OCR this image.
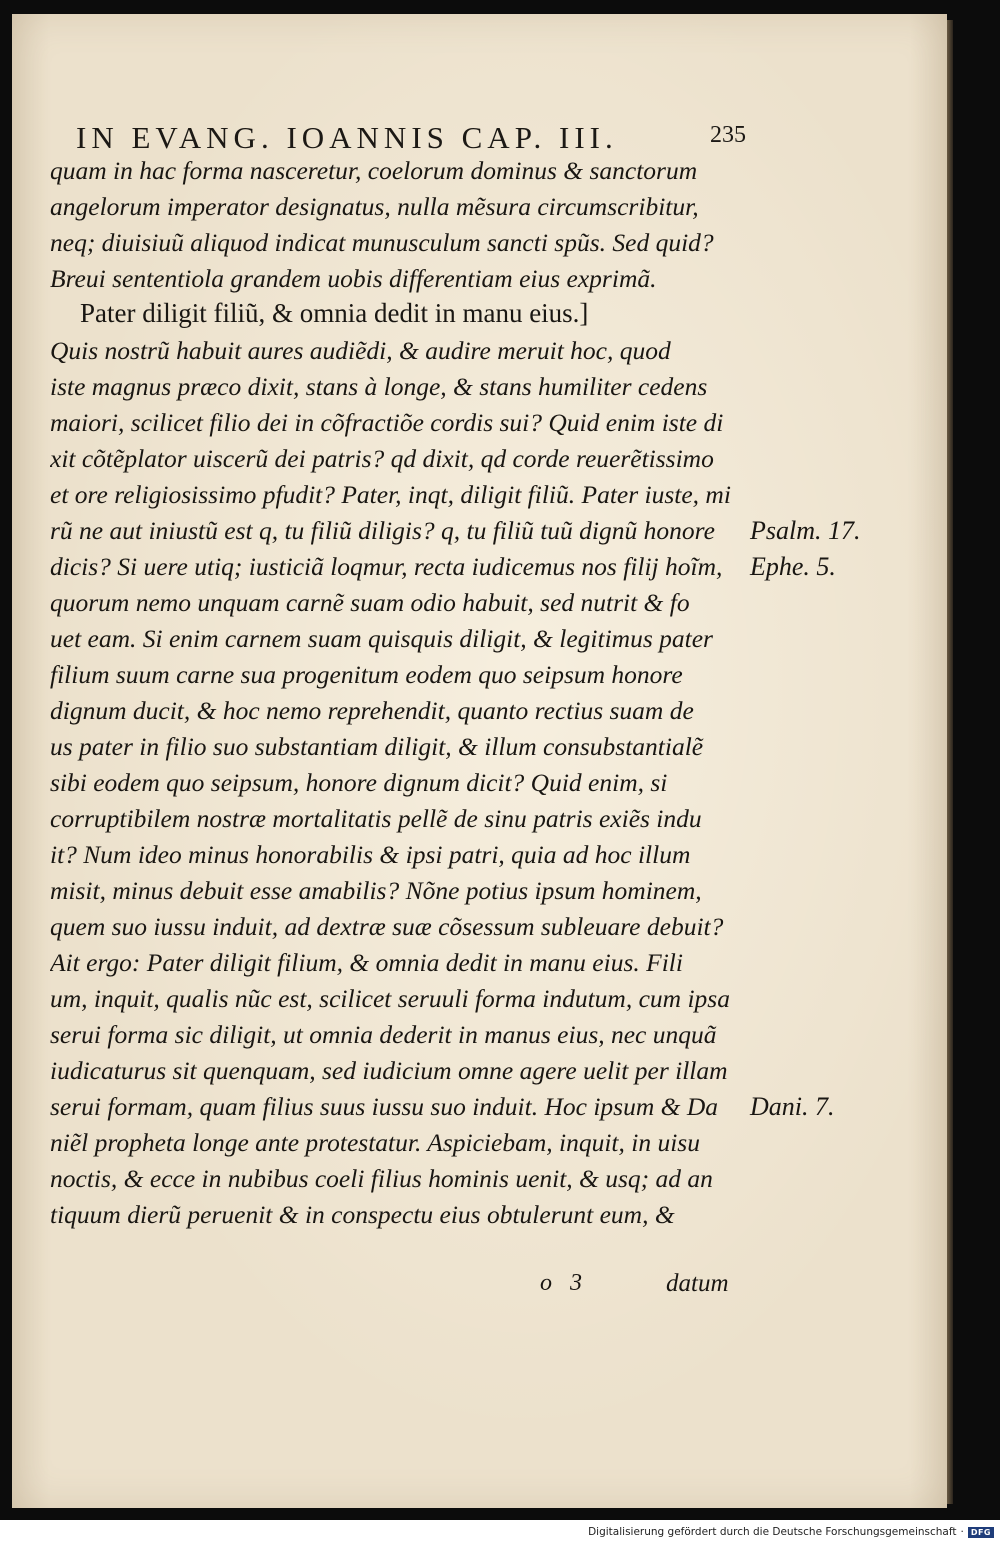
IN EVANG. IOANNIS CAP. III.	235
quam in hac forma nasceretur, coelorum dominus & sanctorum
angelorum imperator designatus, nulla mẽsura circumscribitur,
neq; diuisiuũ aliquod indicat munusculum sancti spũs. Sed quid?
Breui sententiola grandem uobis differentiam eius exprimã.
Pater diligit filiũ, & omnia dedit in manu eius.]
Quis nostrũ habuit aures audiẽdi, & audire meruit hoc, quod
iste magnus præco dixit, stans à longe, & stans humiliter cedens
maiori, scilicet filio dei in cõfractiõe cordis sui? Quid enim iste di
xit cõtẽplator uiscerũ dei patris? qd dixit, qd corde reuerẽtissimo
et ore religiosissimo pfudit? Pater, inqt, diligit filiũ. Pater iuste, mi
rũ ne aut iniustũ est q, tu filiũ diligis? q, tu filiũ tuũ dignũ honore
dicis? Si uere utiq; iusticiã loqmur, recta iudicemus nos filij hoĩm,
quorum nemo unquam carnẽ suam odio habuit, sed nutrit & fo
uet eam. Si enim carnem suam quisquis diligit, & legitimus pater
filium suum carne sua progenitum eodem quo seipsum honore
dignum ducit, & hoc nemo reprehendit, quanto rectius suam de
us pater in filio suo substantiam diligit, & illum consubstantialẽ
sibi eodem quo seipsum, honore dignum dicit? Quid enim, si
corruptibilem nostræ mortalitatis pellẽ de sinu patris exiẽs indu
it? Num ideo minus honorabilis & ipsi patri, quia ad hoc illum
misit, minus debuit esse amabilis? Nõne potius ipsum hominem,
quem suo iussu induit, ad dextræ suæ cõsessum subleuare debuit?
Ait ergo: Pater diligit filium, & omnia dedit in manu eius. Fili
um, inquit, qualis nũc est, scilicet seruuli forma indutum, cum ipsa
serui forma sic diligit, ut omnia dederit in manus eius, nec unquã
iudicaturus sit quenquam, sed iudicium omne agere uelit per illam
serui formam, quam filius suus iussu suo induit. Hoc ipsum & Da
niẽl propheta longe ante protestatur. Aspiciebam, inquit, in uisu
noctis, & ecce in nubibus coeli filius hominis uenit, & usq; ad an
tiquum dierũ peruenit & in conspectu eius obtulerunt eum, &
Psalm. 17.
Ephe. 5.
Dani. 7.
o 3	datum
Digitalisierung gefördert durch die Deutsche Forschungsgemeinschaft · DFG
